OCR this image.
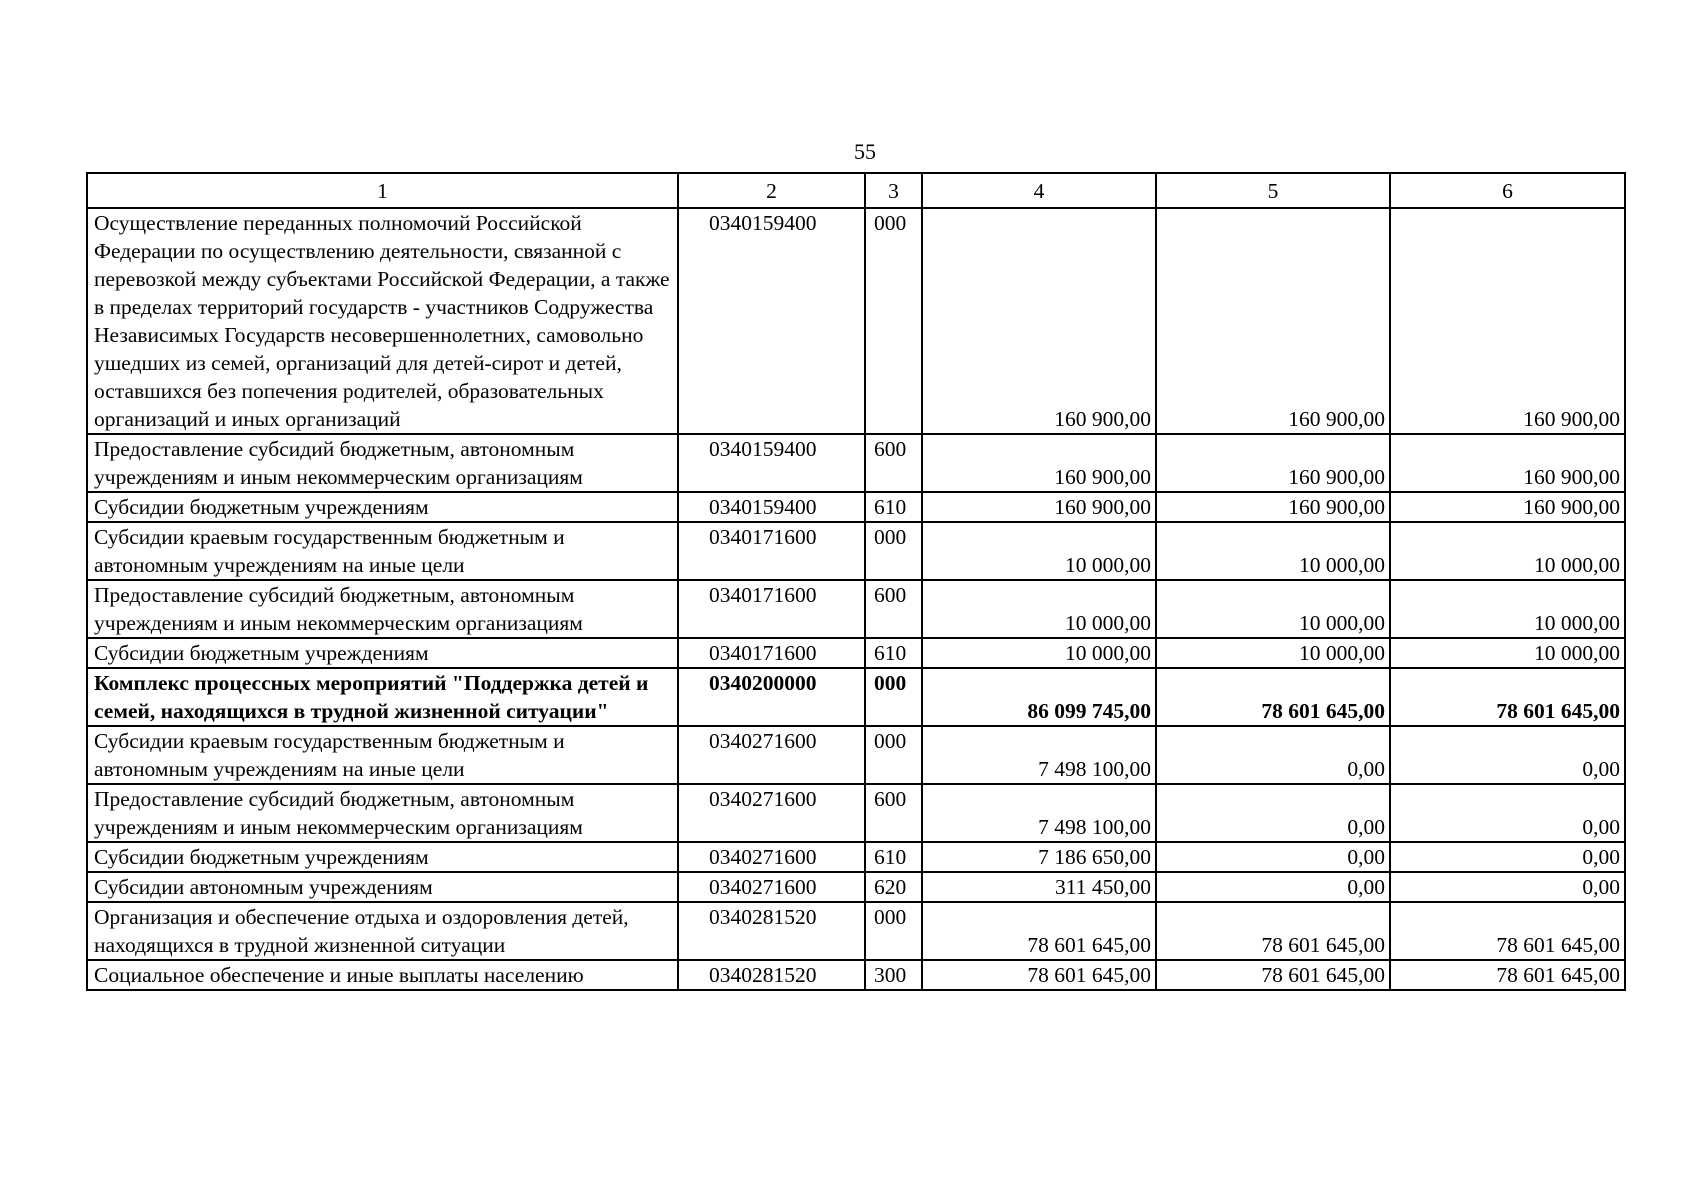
55
1	2	3	4	5	6
Осуществление переданных полномочий Российской Федерации по осуществлению деятельности, связанной с перевозкой между субъектами Российской Федерации, а также в пределах территорий государств - участников Содружества Независимых Государств несовершеннолетних, самовольно ушедших из семей, организаций для детей-сирот и детей, оставшихся без попечения родителей, образовательных организаций и иных организаций	0340159400	000	160 900,00	160 900,00	160 900,00
Предоставление субсидий бюджетным, автономным учреждениям и иным некоммерческим организациям	0340159400	600	160 900,00	160 900,00	160 900,00
Субсидии бюджетным учреждениям	0340159400	610	160 900,00	160 900,00	160 900,00
Субсидии краевым государственным бюджетным и автономным учреждениям на иные цели	0340171600	000	10 000,00	10 000,00	10 000,00
Предоставление субсидий бюджетным, автономным учреждениям и иным некоммерческим организациям	0340171600	600	10 000,00	10 000,00	10 000,00
Субсидии бюджетным учреждениям	0340171600	610	10 000,00	10 000,00	10 000,00
Комплекс процессных мероприятий "Поддержка детей и семей, находящихся в трудной жизненной ситуации"	0340200000	000	86 099 745,00	78 601 645,00	78 601 645,00
Субсидии краевым государственным бюджетным и автономным учреждениям на иные цели	0340271600	000	7 498 100,00	0,00	0,00
Предоставление субсидий бюджетным, автономным учреждениям и иным некоммерческим организациям	0340271600	600	7 498 100,00	0,00	0,00
Субсидии бюджетным учреждениям	0340271600	610	7 186 650,00	0,00	0,00
Субсидии автономным учреждениям	0340271600	620	311 450,00	0,00	0,00
Организация и обеспечение отдыха и оздоровления детей, находящихся в трудной жизненной ситуации	0340281520	000	78 601 645,00	78 601 645,00	78 601 645,00
Социальное обеспечение и иные выплаты населению	0340281520	300	78 601 645,00	78 601 645,00	78 601 645,00
